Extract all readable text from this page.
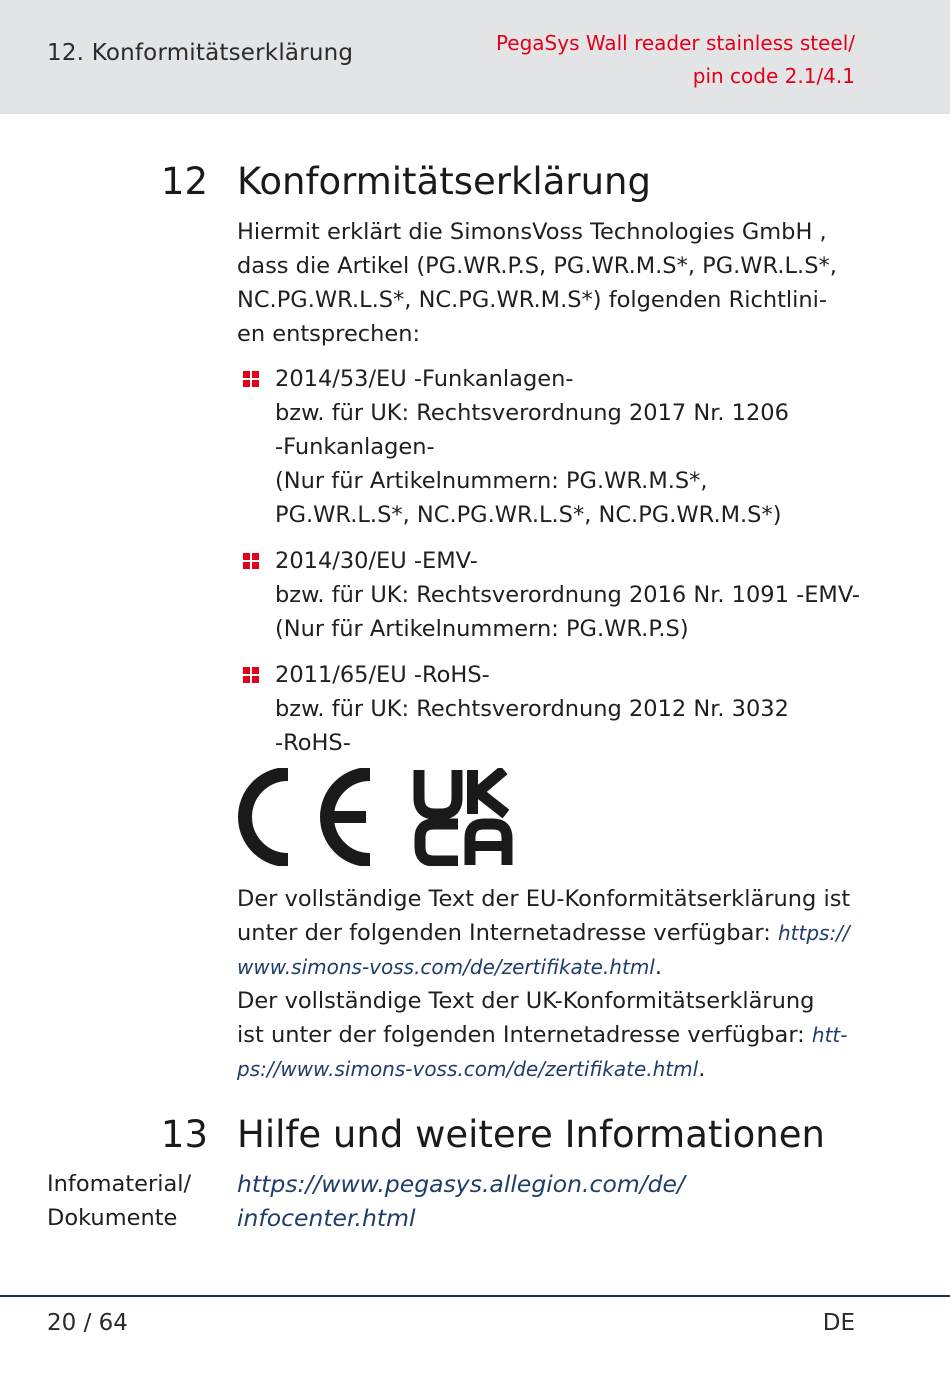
12. Konformitätserklärung	PegaSys Wall reader stainless steel/
pin code 2.1/4.1
12 Konformitätserklärung
Hiermit erklärt die SimonsVoss Technologies GmbH ,
dass die Artikel (PG.WR.P.S, PG.WR.M.S*, PG.WR.L.S*,
NC.PG.WR.L.S*, NC.PG.WR.M.S*) folgenden Richtlini-
en entsprechen:
2014/53/EU -Funkanlagen-
bzw. für UK: Rechtsverordnung 2017 Nr. 1206
-Funkanlagen-
(Nur für Artikelnummern: PG.WR.M.S*,
PG.WR.L.S*, NC.PG.WR.L.S*, NC.PG.WR.M.S*)
2014/30/EU -EMV-
bzw. für UK: Rechtsverordnung 2016 Nr. 1091 -EMV-
(Nur für Artikelnummern: PG.WR.P.S)
2011/65/EU -RoHS-
bzw. für UK: Rechtsverordnung 2012 Nr. 3032
-RoHS-
Der vollständige Text der EU-Konformitätserklärung ist
unter der folgenden Internetadresse verfügbar: https://
www.simons-voss.com/de/zertifikate.html.
Der vollständige Text der UK-Konformitätserklärung
ist unter der folgenden Internetadresse verfügbar: htt-
ps://www.simons-voss.com/de/zertifikate.html.
13 Hilfe und weitere Informationen
Infomaterial/
Dokumente
https://www.pegasys.allegion.com/de/
infocenter.html
20 / 64	DE
